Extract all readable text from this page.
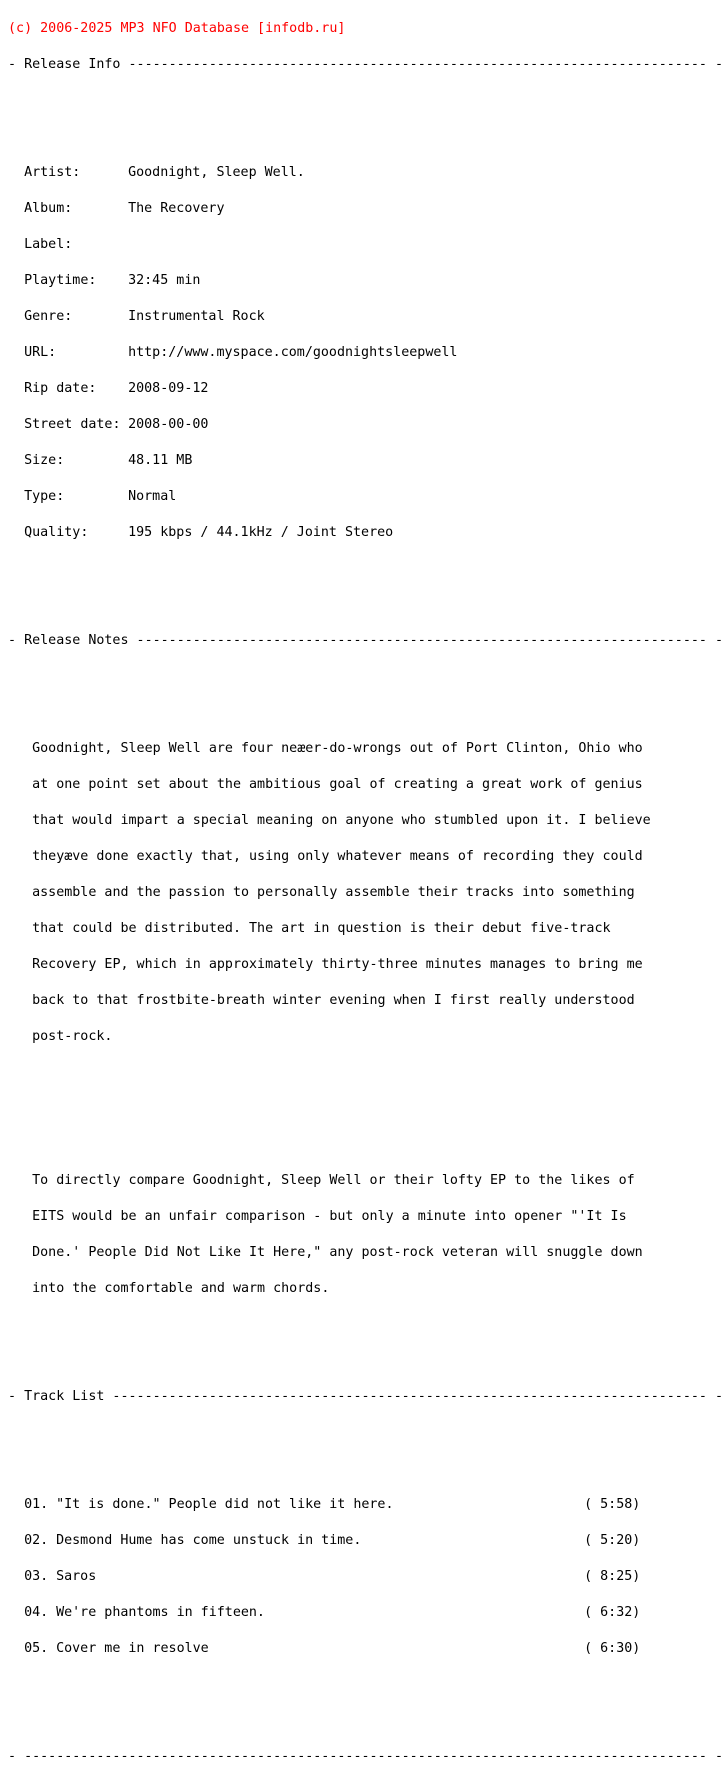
(c) 2006-2025 MP3 NFO Database [infodb.ru]

- Release Info ------------------------------------------------------------------------ -

Artist:	Goodnight, Sleep Well.

Album:	The Recovery

Label:

Playtime: 32:45 min

Genre:	Instrumental Rock

URL:	http://www.myspace.com/goodnightsleepwell

Rip date: 2008-09-12

Street date: 2008-00-00

Size:	48.11 MB

Type:	Normal

Quality:	195 kbps / 44.1kHz / Joint Stereo

- Release Notes ----------------------------------------------------------------------- -

Goodnight, Sleep Well are four neæer-do-wrongs out of Port Clinton, Ohio who

at one point set about the ambitious goal of creating a great work of genius

that would impart a special meaning on anyone who stumbled upon it. I believe

theyæve done exactly that, using only whatever means of recording they could

assemble and the passion to personally assemble their tracks into something

that could be distributed. The art in question is their debut five-track

Recovery EP, which in approximately thirty-three minutes manages to bring me

back to that frostbite-breath winter evening when I first really understood

post-rock.

To directly compare Goodnight, Sleep Well or their lofty EP to the likes of

EITS would be an unfair comparison - but only a minute into opener "'It Is

Done.' People Did Not Like It Here," any post-rock veteran will snuggle down

into the comfortable and warm chords.

- Track List -------------------------------------------------------------------------- -

01. "It is done." People did not like it here.	( 5:58)

02. Desmond Hume has come unstuck in time.	( 5:20)

03. Saros	( 8:25)

04. We're phantoms in fifteen.	( 6:32)

05. Cover me in resolve	( 6:30)

- ------------------------------------------------------------------------------------- -
